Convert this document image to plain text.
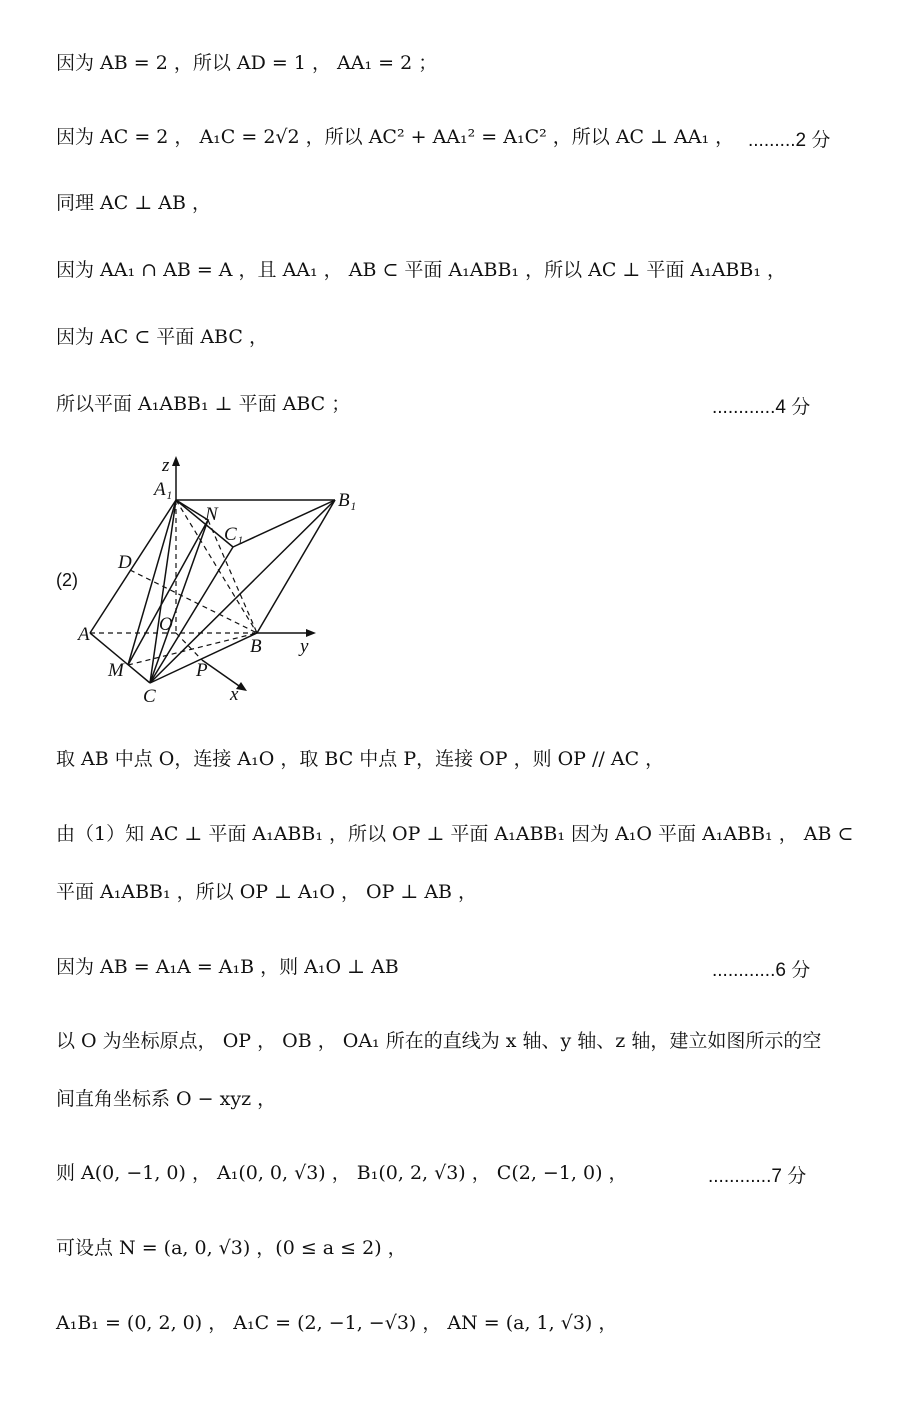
因为 AB = 2 ，所以 AD = 1 ， AA₁ = 2 ；
因为 AC = 2 ， A₁C = 2√2 ，所以 AC² + AA₁² = A₁C² ，所以 AC ⊥ AA₁ ， .........2 分
同理 AC ⊥ AB ，
因为 AA₁ ∩ AB = A ，且 AA₁ ， AB ⊂ 平面 A₁ABB₁ ，所以 AC ⊥ 平面 A₁ABB₁ ，
因为 AC ⊂ 平面 ABC ，
所以平面 A₁ABB₁ ⊥ 平面 ABC ；	............4 分
(2)
z
A₁
N
C₁
B₁
D
A	O
B y
M	P
C	x
取 AB 中点 O，连接 A₁O ，取 BC 中点 P，连接 OP ，则 OP // AC ，
由（1）知 AC ⊥ 平面 A₁ABB₁ ，所以 OP ⊥ 平面 A₁ABB₁ 因为 A₁O 平面 A₁ABB₁ ， AB ⊂
平面 A₁ABB₁ ，所以 OP ⊥ A₁O ， OP ⊥ AB ，
因为 AB = A₁A = A₁B ，则 A₁O ⊥ AB	............6 分
以 O 为坐标原点， OP ， OB ， OA₁ 所在的直线为 x 轴、y 轴、z 轴，建立如图所示的空
间直角坐标系 O − xyz ，
则 A(0, −1, 0) ， A₁(0, 0, √3) ， B₁(0, 2, √3) ， C(2, −1, 0) ，	............7 分
可设点 N = (a, 0, √3) ，(0 ≤ a ≤ 2) ，
A₁B₁ = (0, 2, 0) ， A₁C = (2, −1, −√3) ， AN = (a, 1, √3) ，
